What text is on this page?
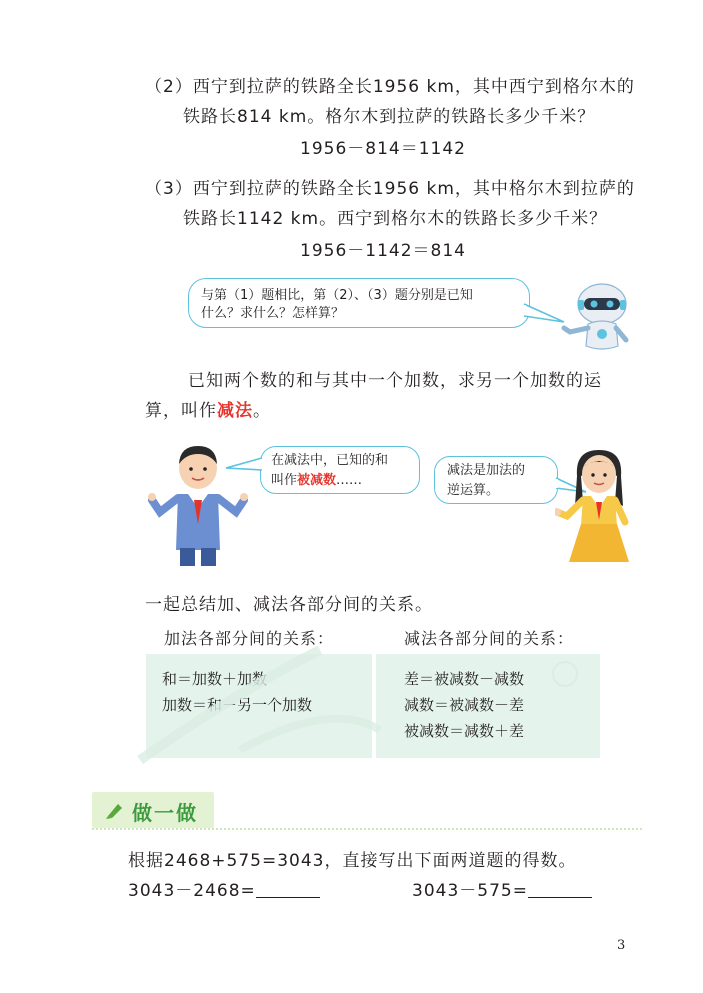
（2）西宁到拉萨的铁路全长1956 km，其中西宁到格尔木的
铁路长814 km。格尔木到拉萨的铁路长多少千米？
1956－814＝1142
（3）西宁到拉萨的铁路全长1956 km，其中格尔木到拉萨的
铁路长1142 km。西宁到格尔木的铁路长多少千米？
1956－1142＝814
与第（1）题相比，第（2）、（3）题分别是已知
什么？求什么？怎样算？
已知两个数的和与其中一个加数，求另一个加数的运
算，叫作减法。
在减法中，已知的和
叫作被减数……
减法是加法的
逆运算。
一起总结加、减法各部分间的关系。
加法各部分间的关系：	减法各部分间的关系：
和＝加数＋加数
加数＝和－另一个加数
差＝被减数－减数
减数＝被减数－差
被减数＝减数＋差
做一做
根据2468+575=3043，直接写出下面两道题的得数。
3043－2468=	3043－575=
3
